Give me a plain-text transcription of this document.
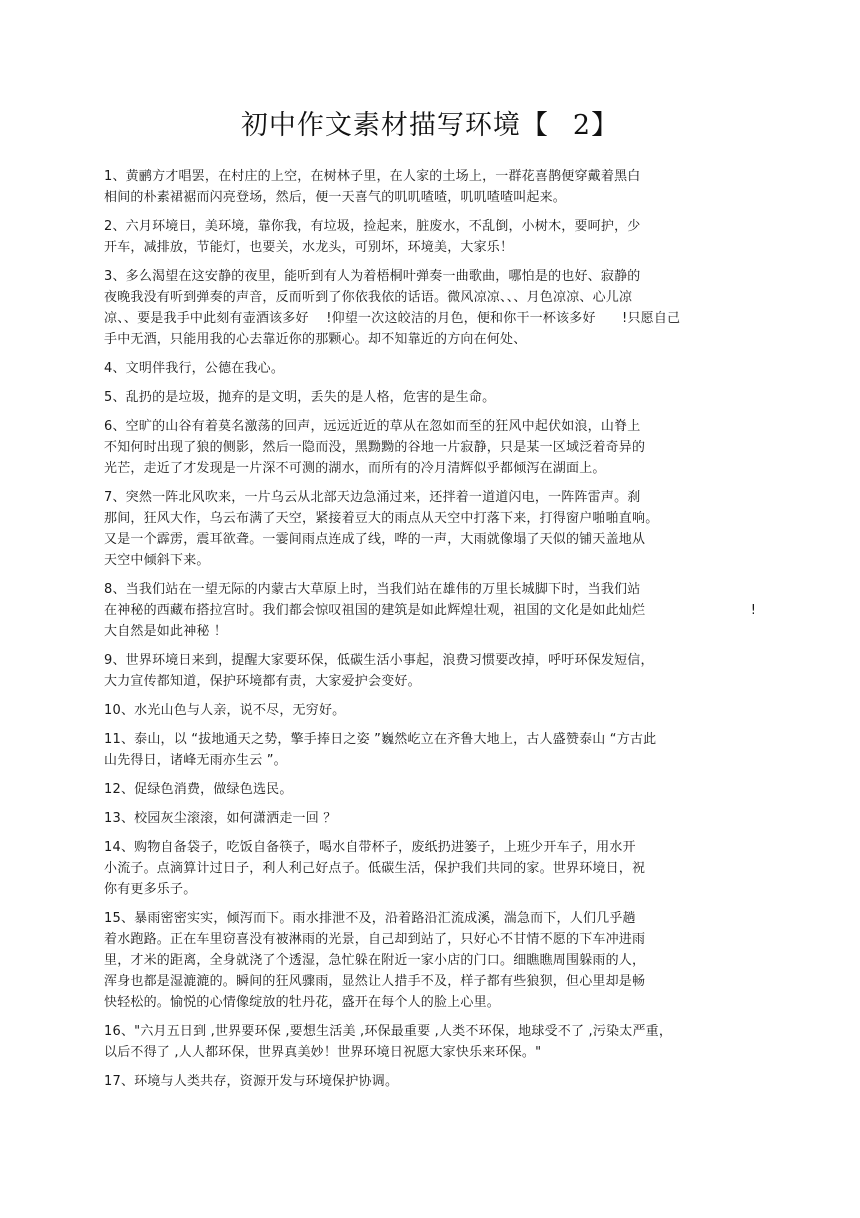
初中作文素材描写环境【 2】
1、黄鹂方才唱罢，在村庄的上空，在树林子里，在人家的土场上，一群花喜鹊便穿戴着黑白
相间的朴素裙裾而闪亮登场，然后，便一天喜气的叽叽喳喳，叽叽喳喳叫起来。
2、六月环境日，美环境，靠你我，有垃圾，捡起来，脏废水，不乱倒，小树木，要呵护，少
开车，减排放，节能灯，也要关，水龙头，可别坏，环境美，大家乐！
3、多么渴望在这安静的夜里，能听到有人为着梧桐叶弹奏一曲歌曲，哪怕是的也好、寂静的
夜晚我没有听到弹奏的声音，反而听到了你依我依的话语。微风凉凉、、、月色凉凉、心儿凉
凉、、要是我手中此刻有壶酒该多好　 !仰望一次这皎洁的月色，便和你干一杯该多好　　!只愿自己
手中无酒，只能用我的心去靠近你的那颗心。却不知靠近的方向在何处、
4、文明伴我行，公德在我心。
5、乱扔的是垃圾，抛弃的是文明，丢失的是人格，危害的是生命。
6、空旷的山谷有着莫名激荡的回声，远远近近的草从在忽如而至的狂风中起伏如浪，山脊上
不知何时出现了狼的侧影，然后一隐而没，黑黝黝的谷地一片寂静，只是某一区域泛着奇异的
光芒，走近了才发现是一片深不可测的湖水，而所有的冷月清辉似乎都倾泻在湖面上。
7、突然一阵北风吹来，一片乌云从北部天边急涌过来，还拌着一道道闪电，一阵阵雷声。刹
那间，狂风大作，乌云布满了天空，紧接着豆大的雨点从天空中打落下来，打得窗户啪啪直响。
又是一个霹雳，震耳欲聋。一霎间雨点连成了线，哗的一声，大雨就像塌了天似的铺天盖地从
天空中倾斜下来。
8、当我们站在一望无际的内蒙古大草原上时，当我们站在雄伟的万里长城脚下时，当我们站
在神秘的西藏布搭拉宫时。我们都会惊叹祖国的建筑是如此辉煌壮观，祖国的文化是如此灿烂　　　　　　　　!
大自然是如此神秘 ！
9、世界环境日来到，提醒大家要环保，低碳生活小事起，浪费习惯要改掉，呼吁环保发短信，
大力宣传都知道，保护环境都有责，大家爱护会变好。
10、水光山色与人亲，说不尽，无穷好。
11、泰山，以 “拔地通天之势，擎手捧日之姿 ”巍然屹立在齐鲁大地上，古人盛赞泰山 “方古此
山先得日，诸峰无雨亦生云 ”。
12、促绿色消费，做绿色选民。
13、校园灰尘滚滚，如何潇洒走一回 ？
14、购物自备袋子，吃饭自备筷子，喝水自带杯子，废纸扔进篓子，上班少开车子，用水开
小流子。点滴算计过日子，利人利己好点子。低碳生活，保护我们共同的家。世界环境日，祝
你有更多乐子。
15、暴雨密密实实，倾泻而下。雨水排泄不及，沿着路沿汇流成溪，湍急而下，人们几乎趟
着水跑路。正在车里窃喜没有被淋雨的光景，自己却到站了，只好心不甘情不愿的下车冲进雨
里，才米的距离，全身就浇了个透湿，急忙躲在附近一家小店的门口。细瞧瞧周围躲雨的人，
浑身也都是湿漉漉的。瞬间的狂风骤雨，显然让人措手不及，样子都有些狼狈，但心里却是畅
快轻松的。愉悦的心情像绽放的牡丹花，盛开在每个人的脸上心里。
16、"六月五日到 ,世界要环保 ,要想生活美 ,环保最重要 ,人类不环保，地球受不了 ,污染太严重，
以后不得了 ,人人都环保，世界真美妙！世界环境日祝愿大家快乐来环保。"
17、环境与人类共存，资源开发与环境保护协调。
